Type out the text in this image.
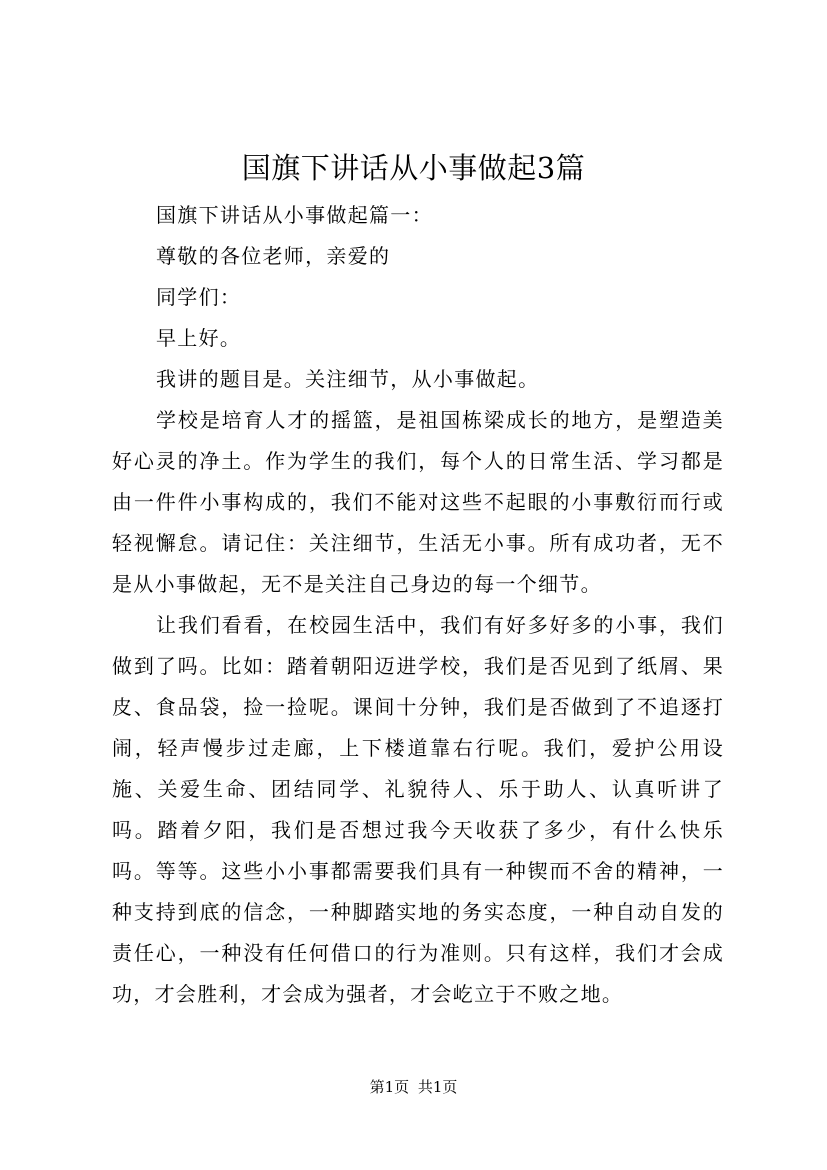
国旗下讲话从小事做起3篇

国旗下讲话从小事做起篇一：

尊敬的各位老师，亲爱的

同学们：

早上好。

我讲的题目是。关注细节，从小事做起。

学校是培育人才的摇篮，是祖国栋梁成长的地方，是塑造美好心灵的净土。作为学生的我们，每个人的日常生活、学习都是由一件件小事构成的，我们不能对这些不起眼的小事敷衍而行或轻视懈怠。请记住：关注细节，生活无小事。所有成功者，无不是从小事做起，无不是关注自己身边的每一个细节。

让我们看看，在校园生活中，我们有好多好多的小事，我们做到了吗。比如：踏着朝阳迈进学校，我们是否见到了纸屑、果皮、食品袋，捡一捡呢。课间十分钟，我们是否做到了不追逐打闹，轻声慢步过走廊，上下楼道靠右行呢。我们，爱护公用设施、关爱生命、团结同学、礼貌待人、乐于助人、认真听讲了吗。踏着夕阳，我们是否想过我今天收获了多少，有什么快乐吗。等等。这些小小事都需要我们具有一种锲而不舍的精神，一种支持到底的信念，一种脚踏实地的务实态度，一种自动自发的责任心，一种没有任何借口的行为准则。只有这样，我们才会成功，才会胜利，才会成为强者，才会屹立于不败之地。

第1页 共1页
